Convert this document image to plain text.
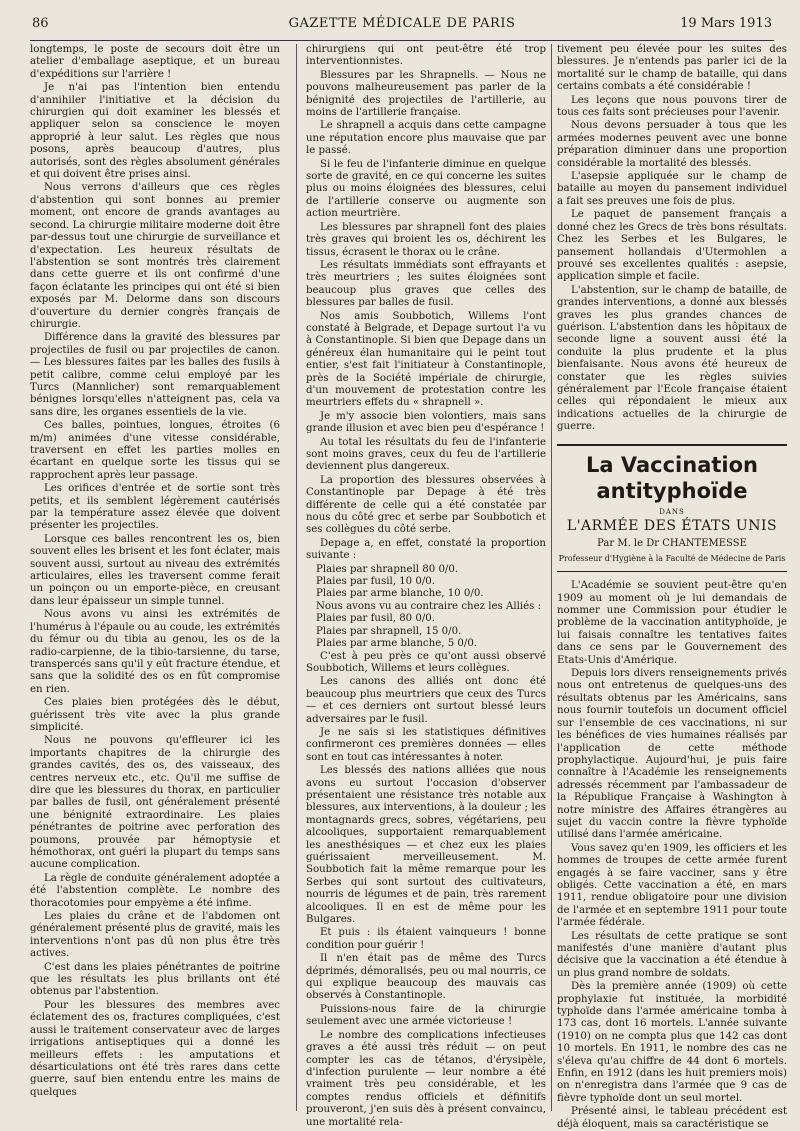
86	GAZETTE MÉDICALE DE PARIS	19 Mars 1913

longtemps, le poste de secours doit être un atelier d'emballage aseptique, et un bureau d'expéditions sur l'arrière !

Je n'ai pas l'intention bien entendu d'annihiler l'initiative et la décision du chirurgien qui doit examiner les blessés et appliquer selon sa conscience le moyen approprié à leur salut. Les règles que nous posons, après beaucoup d'autres, plus autorisés, sont des règles absolument générales et qui doivent être prises ainsi.

Nous verrons d'ailleurs que ces règles d'abstention qui sont bonnes au premier moment, ont encore de grands avantages au second. La chirurgie militaire moderne doit être par-dessus tout une chirurgie de surveillance et d'expectation. Les heureux résultats de l'abstention se sont montrés très clairement dans cette guerre et ils ont confirmé d'une façon éclatante les principes qui ont été si bien exposés par M. Delorme dans son discours d'ouverture du dernier congrès français de chirurgie.

Différence dans la gravité des blessures par projectiles de fusil ou par projectiles de canon. — Les blessures faites par les balles des fusils à petit calibre, comme celui employé par les Turcs (Mannlicher) sont remarquablement bénignes lorsqu'elles n'atteignent pas, cela va sans dire, les organes essentiels de la vie.

Ces balles, pointues, longues, étroites (6 m/m) animées d'une vitesse considérable, traversent en effet les parties molles en écartant en quelque sorte les tissus qui se rapprochent après leur passage.

Les orifices d'entrée et de sortie sont très petits, et ils semblent légèrement cautérisés par la température assez élevée que doivent présenter les projectiles.

Lorsque ces balles rencontrent les os, bien souvent elles les brisent et les font éclater, mais souvent aussi, surtout au niveau des extrémités articulaires, elles les traversent comme ferait un poinçon ou un emporte-pièce, en creusant dans leur épaisseur un simple tunnel.

Nous avons vu ainsi les extrémités de l'humérus à l'épaule ou au coude, les extrémités du fémur ou du tibia au genou, les os de la radio-carpienne, de la tibio-tarsienne, du tarse, transpercés sans qu'il y eût fracture étendue, et sans que la solidité des os en fût compromise en rien.

Ces plaies bien protégées dès le début, guérissent très vite avec la plus grande simplicité.

Nous ne pouvons qu'effleurer ici les importants chapitres de la chirurgie des grandes cavités, des os, des vaisseaux, des centres nerveux etc., etc. Qu'il me suffise de dire que les blessures du thorax, en particulier par balles de fusil, ont généralement présenté une bénignité extraordinaire. Les plaies pénétrantes de poitrine avec perforation des poumons, prouvée par hémoptysie et hémothorax, ont guéri la plupart du temps sans aucune complication.

La règle de conduite généralement adoptée a été l'abstention complète. Le nombre des thoracotomies pour empyème a été infime.

Les plaies du crâne et de l'abdomen ont généralement présenté plus de gravité, mais les interventions n'ont pas dû non plus être très actives.

C'est dans les plaies pénétrantes de poitrine que les résultats les plus brillants ont été obtenus par l'abstention.

Pour les blessures des membres avec éclatement des os, fractures compliquées, c'est aussi le traitement conservateur avec de larges irrigations antiseptiques qui a donné les meilleurs effets : les amputations et désarticulations ont été très rares dans cette guerre, sauf bien entendu entre les mains de quelques

chirurgiens qui ont peut-être été trop interventionnistes.

Blessures par les Shrapnells. — Nous ne pouvons malheureusement pas parler de la bénignité des projectiles de l'artillerie, au moins de l'artillerie française.

Le shrapnell a acquis dans cette campagne une réputation encore plus mauvaise que par le passé.

Si le feu de l'infanterie diminue en quelque sorte de gravité, en ce qui concerne les suites plus ou moins éloignées des blessures, celui de l'artillerie conserve ou augmente son action meurtrière.

Les blessures par shrapnell font des plaies très graves qui broient les os, déchirent les tissus, écrasent le thorax ou le crâne.

Les résultats immédiats sont effrayants et très meurtriers ; les suites éloignées sont beaucoup plus graves que celles des blessures par balles de fusil.

Nos amis Soubbotich, Willems l'ont constaté à Belgrade, et Depage surtout l'a vu à Constantinople. Si bien que Depage dans un généreux élan humanitaire qui le peint tout entier, s'est fait l'initiateur à Constantinople, près de la Société impériale de chirurgie, d'un mouvement de protestation contre les meurtriers effets du « shrapnell ».

Je m'y associe bien volontiers, mais sans grande illusion et avec bien peu d'espérance !

Au total les résultats du feu de l'infanterie sont moins graves, ceux du feu de l'artillerie deviennent plus dangereux.

La proportion des blessures observées à Constantinople par Depage à été très différente de celle qui a été constatée par nous du côté grec et serbe par Soubbotich et ses collègues du côté serbe.

Depage a, en effet, constaté la proportion suivante :

Plaies par shrapnell 80 0/0.
Plaies par fusil, 10 0/0.
Plaies par arme blanche, 10 0/0.
Nous avons vu au contraire chez les Alliés :
Plaies par fusil, 80 0/0.
Plaies par shrapnell, 15 0/0.
Plaies par arme blanche, 5 0/0.

C'est à peu près ce qu'ont aussi observé Soubbotich, Willems et leurs collègues.

Les canons des alliés ont donc été beaucoup plus meurtriers que ceux des Turcs — et ces derniers ont surtout blessé leurs adversaires par le fusil.

Je ne sais si les statistiques définitives confirmeront ces premières données — elles sont en tout cas intéressantes à noter.

Les blessés des nations alliées que nous avons eu surtout l'occasion d'observer présentaient une résistance très notable aux blessures, aux interventions, à la douleur ; les montagnards grecs, sobres, végétariens, peu alcooliques, supportaient remarquablement les anesthésiques — et chez eux les plaies guérissaient merveilleusement. M. Soubbotich fait la même remarque pour les Serbes qui sont surtout des cultivateurs, nourris de légumes et de pain, très rarement alcooliques. Il en est de même pour les Bulgares.

Et puis : ils étaient vainqueurs ! bonne condition pour guérir !

Il n'en était pas de même des Turcs déprimés, démoralisés, peu ou mal nourris, ce qui explique beaucoup des mauvais cas observés à Constantinople.

Puissions-nous faire de la chirurgie seulement avec une armée victorieuse !

Le nombre des complications infectieuses graves a été aussi très réduit — on peut compter les cas de tétanos, d'érysipèle, d'infection purulente — leur nombre a été vraiment très peu considérable, et les comptes rendus officiels et définitifs prouveront, j'en suis dès à présent convaincu, une mortalité rela-

tivement peu élevée pour les suites des blessures. Je n'entends pas parler ici de la mortalité sur le champ de bataille, qui dans certains combats a été considérable !

Les leçons que nous pouvons tirer de tous ces faits sont précieuses pour l'avenir.

Nous devons persuader à tous que les armées modernes peuvent avec une bonne préparation diminuer dans une proportion considérable la mortalité des blessés.

L'asepsie appliquée sur le champ de bataille au moyen du pansement individuel a fait ses preuves une fois de plus.

Le paquet de pansement français a donné chez les Grecs de très bons résultats. Chez les Serbes et les Bulgares, le pansement hollandais d'Utermohlen a prouvé ses excellentes qualités : asepsie, application simple et facile.

L'abstention, sur le champ de bataille, de grandes interventions, a donné aux blessés graves les plus grandes chances de guérison. L'abstention dans les hôpitaux de seconde ligne a souvent aussi été la conduite la plus prudente et la plus bienfaisante. Nous avons été heureux de constater que les règles suivies généralement par l'Ecole française étaient celles qui répondaient le mieux aux indications actuelles de la chirurgie de guerre.

La Vaccination antityphoïde
DANS
L'ARMÉE DES ÉTATS UNIS
Par M. le Dr CHANTEMESSE
Professeur d'Hygiène à la Faculté de Médecine de Paris

L'Académie se souvient peut-être qu'en 1909 au moment où je lui demandais de nommer une Commission pour étudier le problème de la vaccination antityphoïde, je lui faisais connaître les tentatives faites dans ce sens par le Gouvernement des Etats-Unis d'Amérique.

Depuis lors divers renseignements privés nous ont entretenus de quelques-uns des résultats obtenus par les Américains, sans nous fournir toutefois un document officiel sur l'ensemble de ces vaccinations, ni sur les bénéfices de vies humaines réalisés par l'application de cette méthode prophylactique. Aujourd'hui, je puis faire connaître à l'Académie les renseignements adressés récemment par l'ambassadeur de la République Française à Washington à notre ministre des Affaires étrangères au sujet du vaccin contre la fièvre typhoïde utilisé dans l'armée américaine.

Vous savez qu'en 1909, les officiers et les hommes de troupes de cette armée furent engagés à se faire vacciner, sans y être obligés. Cette vaccination a été, en mars 1911, rendue obligatoire pour une division de l'armée et en septembre 1911 pour toute l'armée fédérale.

Les résultats de cette pratique se sont manifestés d'une manière d'autant plus décisive que la vaccination a été étendue à un plus grand nombre de soldats.

Dès la première année (1909) où cette prophylaxie fut instituée, la morbidité typhoïde dans l'armée américaine tomba à 173 cas, dont 16 mortels. L'année suivante (1910) on ne compta plus que 142 cas dont 10 mortels. En 1911, le nombre des cas ne s'éleva qu'au chiffre de 44 dont 6 mortels. Enfin, en 1912 (dans les huit premiers mois) on n'enregistra dans l'armée que 9 cas de fièvre typhoïde dont un seul mortel.

Présenté ainsi, le tableau précédent est déjà éloquent, mais sa caractéristique se
